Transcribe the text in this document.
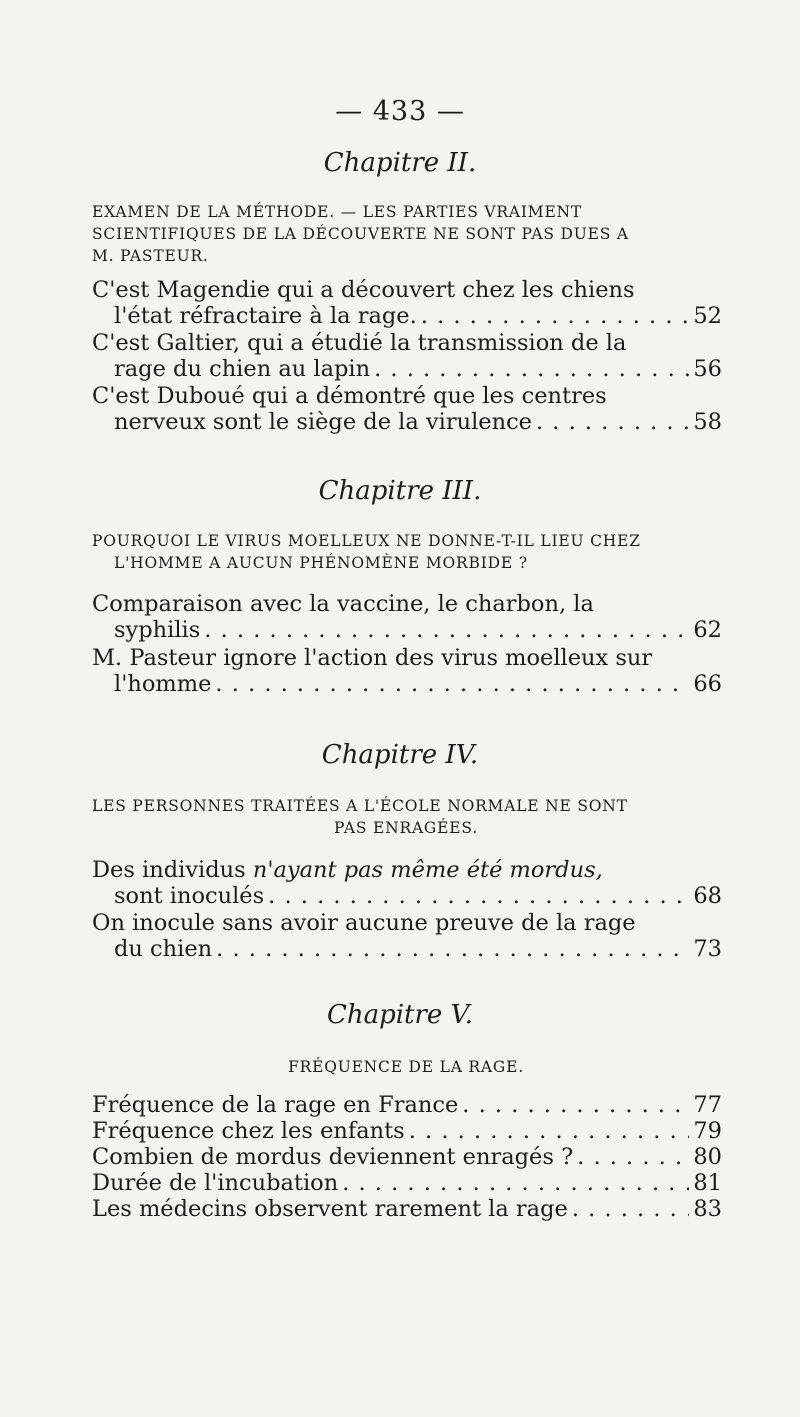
— 433 —
Chapitre II.
EXAMEN DE LA MÉTHODE. — LES PARTIES VRAIMENT
SCIENTIFIQUES DE LA DÉCOUVERTE NE SONT PAS DUES A
M. PASTEUR.
C'est Magendie qui a découvert chez les chiens
l'état réfractaire à la rage. . . .	52
C'est Galtier, qui a étudié la transmission de la
rage du chien au lapin . . .	56
C'est Duboué qui a démontré que les centres
nerveux sont le siège de la virulence . . .	58
Chapitre III.
POURQUOI LE VIRUS MOELLEUX NE DONNE-T-IL LIEU CHEZ
L'HOMME A AUCUN PHÉNOMÈNE MORBIDE ?
Comparaison avec la vaccine, le charbon, la
syphilis . . .	62
M. Pasteur ignore l'action des virus moelleux sur
l'homme . . .	66
Chapitre IV.
LES PERSONNES TRAITÉES A L'ÉCOLE NORMALE NE SONT
PAS ENRAGÉES.
Des individus n'ayant pas même été mordus,
sont inoculés . . .	68
On inocule sans avoir aucune preuve de la rage
du chien . . .	73
Chapitre V.
FRÉQUENCE DE LA RAGE.
Fréquence de la rage en France . . .	77
Fréquence chez les enfants . . .	79
Combien de mordus deviennent enragés ? . . .	80
Durée de l'incubation . . .	81
Les médecins observent rarement la rage . . .	83
